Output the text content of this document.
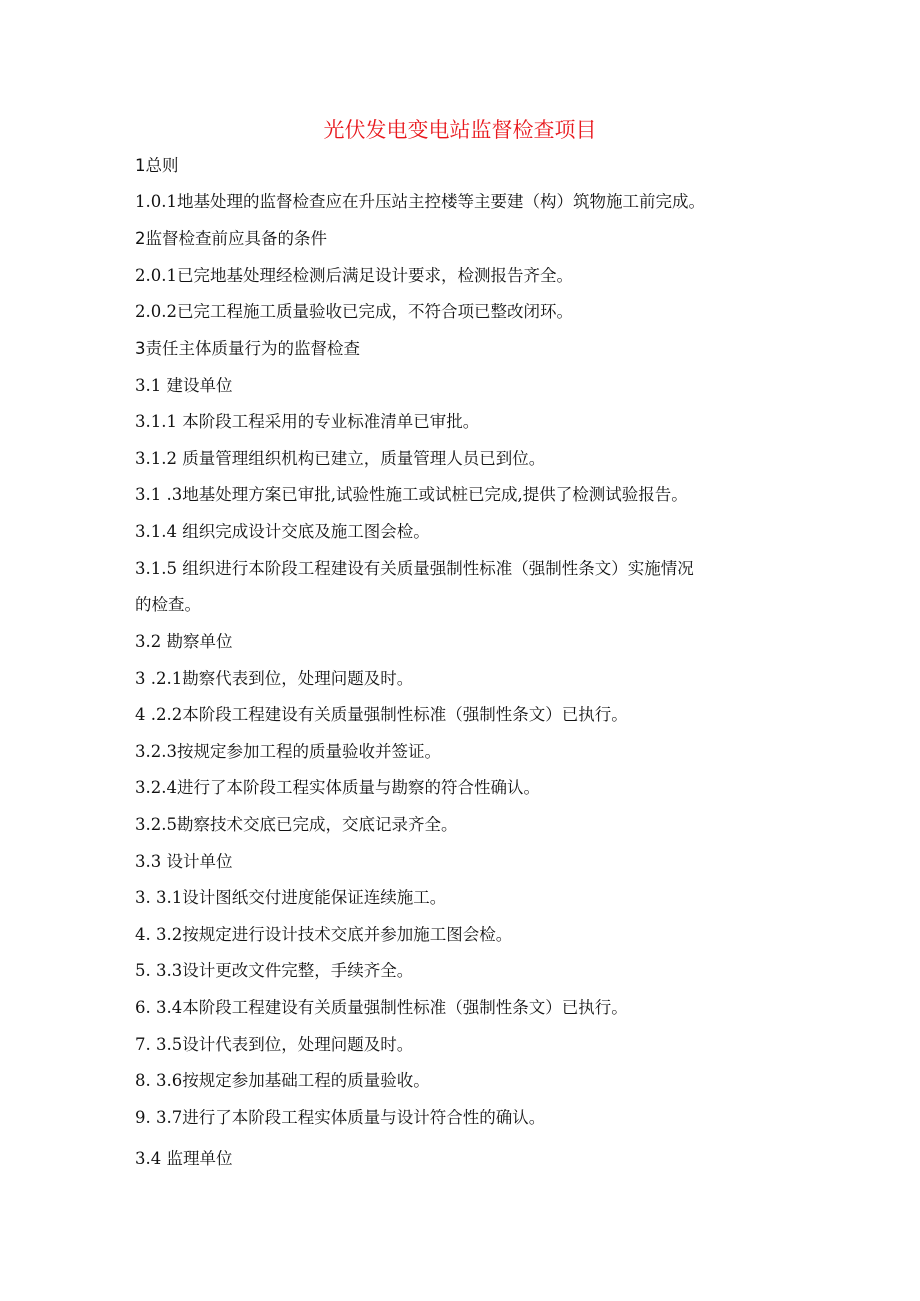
光伏发电变电站监督检查项目
1总则
1.0.1地基处理的监督检查应在升压站主控楼等主要建（构）筑物施工前完成。
2监督检查前应具备的条件
2.0.1已完地基处理经检测后满足设计要求，检测报告齐全。
2.0.2已完工程施工质量验收已完成，不符合项已整改闭环。
3责任主体质量行为的监督检查
3.1 建设单位
3.1.1 本阶段工程采用的专业标准清单已审批。
3.1.2 质量管理组织机构已建立，质量管理人员已到位。
3.1 .3地基处理方案已审批,试验性施工或试桩已完成,提供了检测试验报告。
3.1.4 组织完成设计交底及施工图会检。
3.1.5 组织进行本阶段工程建设有关质量强制性标准（强制性条文）实施情况
的检查。
3.2 勘察单位
3 .2.1勘察代表到位，处理问题及时。
4 .2.2本阶段工程建设有关质量强制性标准（强制性条文）已执行。
3.2.3按规定参加工程的质量验收并签证。
3.2.4进行了本阶段工程实体质量与勘察的符合性确认。
3.2.5勘察技术交底已完成，交底记录齐全。
3.3 设计单位
3. 3.1设计图纸交付进度能保证连续施工。
4. 3.2按规定进行设计技术交底并参加施工图会检。
5. 3.3设计更改文件完整，手续齐全。
6. 3.4本阶段工程建设有关质量强制性标准（强制性条文）已执行。
7. 3.5设计代表到位，处理问题及时。
8. 3.6按规定参加基础工程的质量验收。
9. 3.7进行了本阶段工程实体质量与设计符合性的确认。
3.4 监理单位
